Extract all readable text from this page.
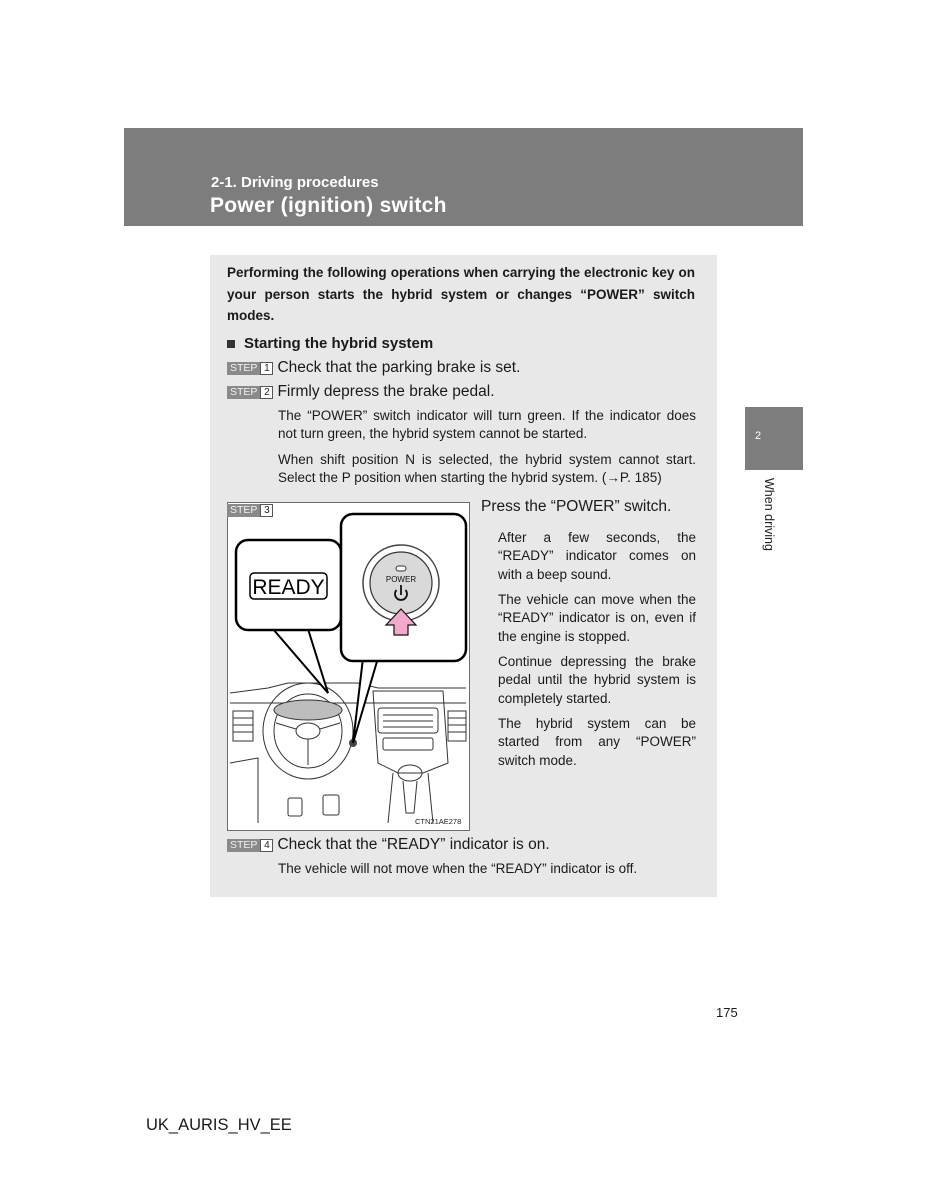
2-1. Driving procedures
Power (ignition) switch
2
When driving
Performing the following operations when carrying the electronic key on your person starts the hybrid system or changes “POWER” switch modes.
Starting the hybrid system
STEP 1 Check that the parking brake is set.
STEP 2 Firmly depress the brake pedal.
The “POWER” switch indicator will turn green. If the indicator does not turn green, the hybrid system cannot be started.
When shift position N is selected, the hybrid system cannot start. Select the P position when starting the hybrid system. (→P. 185)
READY	POWER
STEP 3
CTN21AE278
Press the “POWER” switch.
After a few seconds, the “READY” indicator comes on with a beep sound.
The vehicle can move when the “READY” indicator is on, even if the engine is stopped.
Continue depressing the brake pedal until the hybrid system is completely started.
The hybrid system can be started from any “POWER” switch mode.
STEP 4 Check that the “READY” indicator is on.
The vehicle will not move when the “READY” indicator is off.
175
UK_AURIS_HV_EE
